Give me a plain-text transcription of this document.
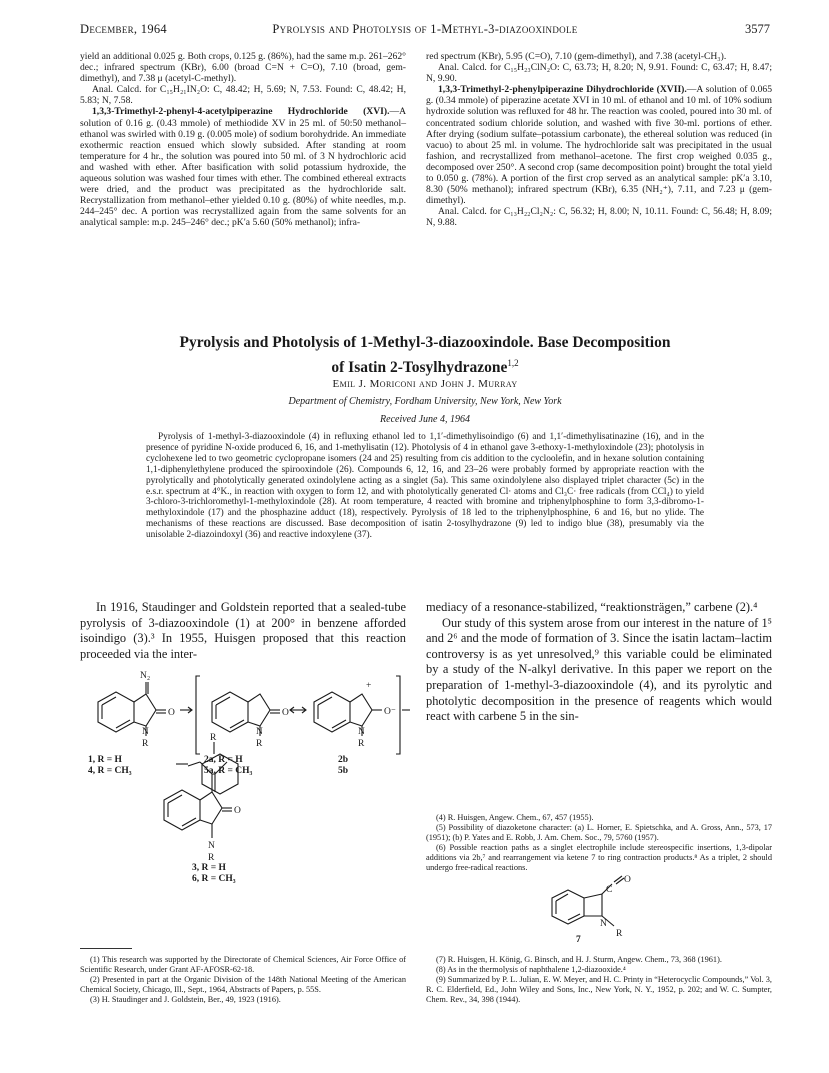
December, 1964	Pyrolysis and Photolysis of 1-Methyl-3-diazooxindole	3577

yield an additional 0.025 g. Both crops, 0.125 g. (86%), had the same m.p. 261–262° dec.; infrared spectrum (KBr), 6.00 (broad C=N + C=O), 7.10 (broad, gem-dimethyl), and 7.38 μ (acetyl-C-methyl).

Anal. Calcd. for C₁₅H₂₁IN₂O: C, 48.42; H, 5.69; N, 7.53. Found: C, 48.42; H, 5.83; N, 7.58.

1,3,3-Trimethyl-2-phenyl-4-acetylpiperazine Hydrochloride (XVI).—A solution of 0.16 g. (0.43 mmole) of methiodide XV in 25 ml. of 50:50 methanol–ethanol was swirled with 0.19 g. (0.005 mole) of sodium borohydride. An immediate exothermic reaction ensued which slowly subsided. After standing at room temperature for 4 hr., the solution was poured into 50 ml. of 3 N hydrochloric acid and washed with ether. After basification with solid potassium hydroxide, the aqueous solution was washed four times with ether. The combined ethereal extracts were dried, and the product was precipitated as the hydrochloride salt. Recrystallization from methanol–ether yielded 0.10 g. (80%) of white needles, m.p. 244–245° dec. A portion was recrystallized again from the same solvents for an analytical sample: m.p. 245–246° dec.; pK′a 5.60 (50% methanol); infra-

red spectrum (KBr), 5.95 (C=O), 7.10 (gem-dimethyl), and 7.38 (acetyl-CH₃).

Anal. Calcd. for C₁₅H₂₃ClN₂O: C, 63.73; H, 8.20; N, 9.91. Found: C, 63.47; H, 8.47; N, 9.90.

1,3,3-Trimethyl-2-phenylpiperazine Dihydrochloride (XVII).—A solution of 0.065 g. (0.34 mmole) of piperazine acetate XVI in 10 ml. of ethanol and 10 ml. of 10% sodium hydroxide solution was refluxed for 48 hr. The reaction was cooled, poured into 30 ml. of concentrated sodium chloride solution, and washed with five 30-ml. portions of ether. After drying (sodium sulfate–potassium carbonate), the ethereal solution was reduced (in vacuo) to about 25 ml. in volume. The hydrochloride salt was precipitated in the usual fashion, and recrystallized from methanol–acetone. The first crop weighed 0.035 g., decomposed over 250°. A second crop (same decomposition point) brought the total yield to 0.050 g. (78%). A portion of the first crop served as an analytical sample: pK′a 3.10, 8.30 (50% methanol); infrared spectrum (KBr), 6.35 (NH₂⁺), 7.11, and 7.23 μ (gem-dimethyl).

Anal. Calcd. for C₁₃H₂₂Cl₂N₂: C, 56.32; H, 8.00; N, 10.11. Found: C, 56.48; H, 8.09; N, 9.88.

Pyrolysis and Photolysis of 1-Methyl-3-diazooxindole. Base Decomposition
of Isatin 2-Tosylhydrazone$^{1,2}$
Emil J. Moriconi and John J. Murray
Department of Chemistry, Fordham University, New York, New York
Received June 4, 1964
Pyrolysis of 1-methyl-3-diazooxindole (4) in refluxing ethanol led to 1,1′-dimethylisoindigo (6) and 1,1′-dimethylisatinazine (16), and in the presence of pyridine N-oxide produced 6, 16, and 1-methylisatin (12). Photolysis of 4 in ethanol gave 3-ethoxy-1-methyloxindole (23); photolysis in cyclohexene led to two geometric cyclopropane isomers (24 and 25) resulting from cis addition to the cycloolefin, and in hexane solution containing 1,1-diphenylethylene produced the spirooxindole (26). Compounds 6, 12, 16, and 23–26 were probably formed by appropriate reaction with the pyrolytically and photolytically generated oxindolylene acting as a singlet (5a). This same oxindolylene also displayed triplet character (5c) in the e.s.r. spectrum at 4°K., in reaction with oxygen to form 12, and with photolytically generated Cl· atoms and Cl₃C· free radicals (from CCl₄) to yield 3-chloro-3-trichloromethyl-1-methyloxindole (28). At room temperature, 4 reacted with bromine and triphenylphosphine to form 3,3-dibromo-1-methyloxindole (17) and the phosphazine adduct (18), respectively. Pyrolysis of 18 led to the triphenylphosphine, 6 and 16, but no ylide. The mechanisms of these reactions are discussed. Base decomposition of isatin 2-tosylhydrazone (9) led to indigo blue (38), presumably via the unisolable 2-diazoindoxyl (36) and reactive indoxylene (37).
In 1916, Staudinger and Goldstein reported that a sealed-tube pyrolysis of 3-diazooxindole (1) at 200° in benzene afforded isoindigo (3).³ In 1955, Huisgen proposed that this reaction proceeded via the inter-

mediacy of a resonance-stabilized, “reaktionsträgen,” carbene (2).⁴

Our study of this system arose from our interest in the nature of 1⁵ and 2⁶ and the mode of formation of 3. Since the isatin lactam–lactim controversy is as yet unresolved,⁹ this variable could be eliminated by a study of the N-alkyl derivative. In this paper we report on the preparation of 1-methyl-3-diazooxindole (4), and its pyrolytic and photolytic decomposition in the presence of reagents which would react with carbene 5 in the sin-

N₂
O
N
R
O
N
R
+
O⁻
N
R
R
O
N
R
1, R = H
4, R = CH₃
2a, R = H
5a, R = CH₃
2b
5b
3, R = H
6, R = CH₃

(4) R. Huisgen, Angew. Chem., 67, 457 (1955).

(5) Possibility of diazoketone character: (a) L. Horner, E. Spietschka, and A. Gross, Ann., 573, 17 (1951); (b) P. Yates and E. Robb, J. Am. Chem. Soc., 79, 5760 (1957).

(6) Possible reaction paths as a singlet electrophile include stereospecific insertions, 1,3-dipolar additions via 2b,⁷ and rearrangement via ketene 7 to ring contraction products.⁸ As a triplet, 2 should undergo free-radical reactions.

C
O
N
R
7

(1) This research was supported by the Directorate of Chemical Sciences, Air Force Office of Scientific Research, under Grant AF-AFOSR-62-18.

(2) Presented in part at the Organic Division of the 148th National Meeting of the American Chemical Society, Chicago, Ill., Sept., 1964, Abstracts of Papers, p. 55S.

(3) H. Staudinger and J. Goldstein, Ber., 49, 1923 (1916).

(7) R. Huisgen, H. König, G. Binsch, and H. J. Sturm, Angew. Chem., 73, 368 (1961).

(8) As in the thermolysis of naphthalene 1,2-diazooxide.⁴

(9) Summarized by P. L. Julian, E. W. Meyer, and H. C. Printy in “Heterocyclic Compounds,” Vol. 3, R. C. Elderfield, Ed., John Wiley and Sons, Inc., New York, N. Y., 1952, p. 202; and W. C. Sumpter, Chem. Rev., 34, 398 (1944).
